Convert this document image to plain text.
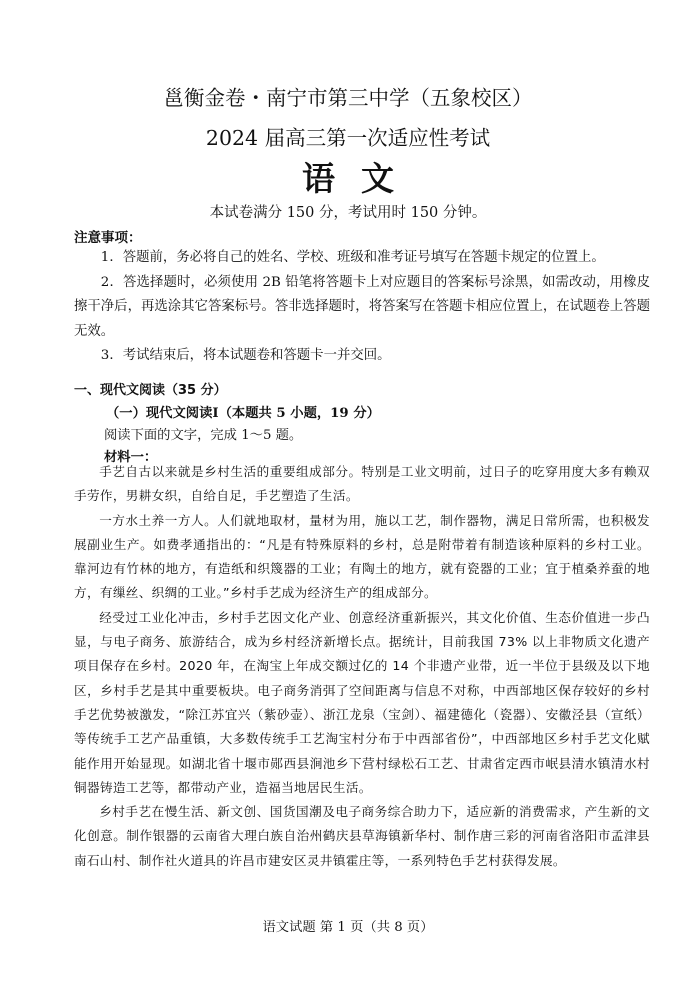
邕衡金卷・南宁市第三中学（五象校区）
2024 届高三第一次适应性考试
语文
本试卷满分 150 分，考试用时 150 分钟。
注意事项：

1．答题前，务必将自己的姓名、学校、班级和准考证号填写在答题卡规定的位置上。

2．答选择题时，必须使用 2B 铅笔将答题卡上对应题目的答案标号涂黑，如需改动，用橡皮擦干净后，再选涂其它答案标号。答非选择题时，将答案写在答题卡相应位置上，在试题卷上答题无效。

3．考试结束后，将本试题卷和答题卡一并交回。

一、现代文阅读（35 分）
（一）现代文阅读Ⅰ（本题共 5 小题，19 分）
阅读下面的文字，完成 1～5 题。
材料一：

手艺自古以来就是乡村生活的重要组成部分。特别是工业文明前，过日子的吃穿用度大多有赖双手劳作，男耕女织，自给自足，手艺塑造了生活。

一方水土养一方人。人们就地取材，量材为用，施以工艺，制作器物，满足日常所需，也积极发展副业生产。如费孝通指出的：“凡是有特殊原料的乡村，总是附带着有制造该种原料的乡村工业。靠河边有竹林的地方，有造纸和织篾器的工业；有陶土的地方，就有瓷器的工业；宜于植桑养蚕的地方，有缫丝、织绸的工业。”乡村手艺成为经济生产的组成部分。

经受过工业化冲击，乡村手艺因文化产业、创意经济重新振兴，其文化价值、生态价值进一步凸显，与电子商务、旅游结合，成为乡村经济新增长点。据统计，目前我国 73% 以上非物质文化遗产项目保存在乡村。2020 年，在淘宝上年成交额过亿的 14 个非遗产业带，近一半位于县级及以下地区，乡村手艺是其中重要板块。电子商务消弭了空间距离与信息不对称，中西部地区保存较好的乡村手艺优势被激发，“除江苏宜兴（紫砂壶）、浙江龙泉（宝剑）、福建德化（瓷器）、安徽泾县（宣纸）等传统手工艺产品重镇，大多数传统手工艺淘宝村分布于中西部省份”，中西部地区乡村手艺文化赋能作用开始显现。如湖北省十堰市郧西县涧池乡下营村绿松石工艺、甘肃省定西市岷县清水镇清水村铜器铸造工艺等，都带动产业，造福当地居民生活。

乡村手艺在慢生活、新文创、国货国潮及电子商务综合助力下，适应新的消费需求，产生新的文化创意。制作银器的云南省大理白族自治州鹤庆县草海镇新华村、制作唐三彩的河南省洛阳市孟津县南石山村、制作社火道具的许昌市建安区灵井镇霍庄等，一系列特色手艺村获得发展。

语文试题 第 1 页（共 8 页）
